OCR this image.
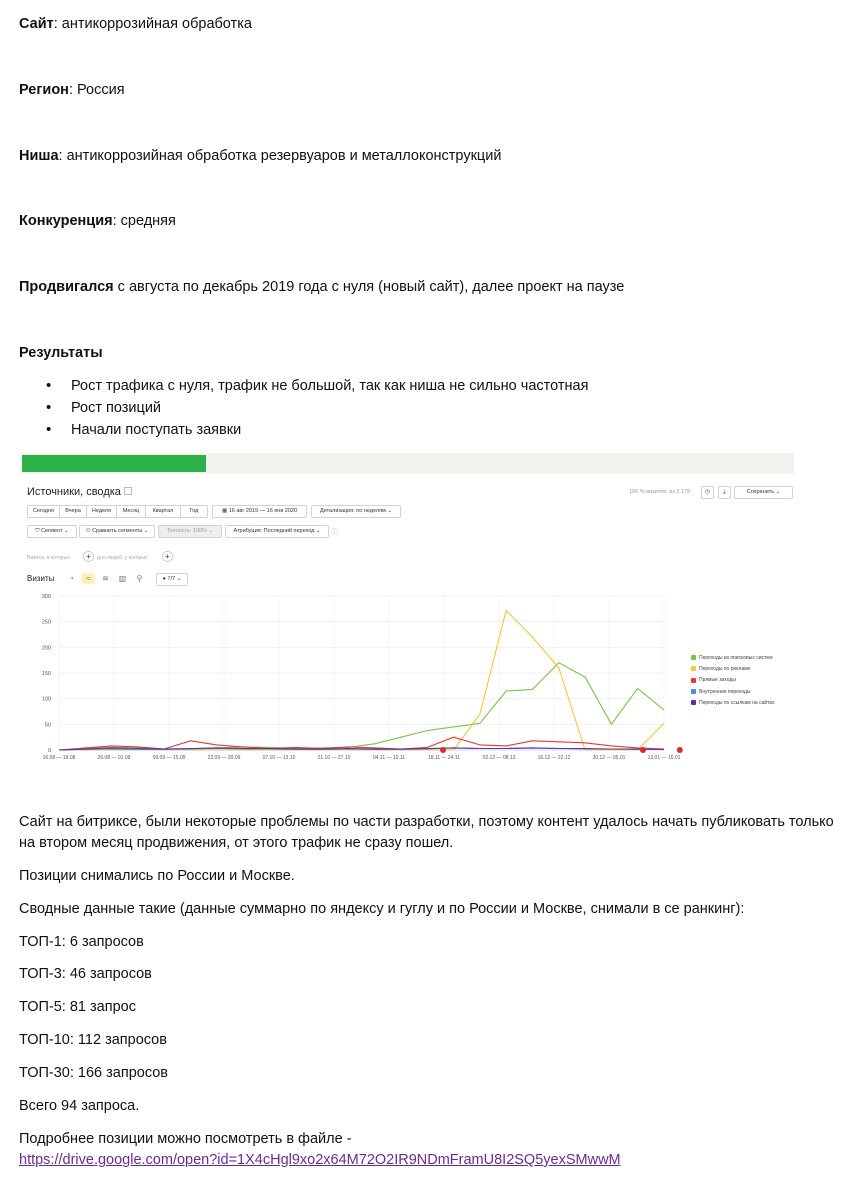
Сайт: антикоррозийная обработка
Регион: Россия
Ниша: антикоррозийная обработка резервуаров и металлоконструкций
Конкуренция: средняя
Продвигался с августа по декабрь 2019 года с нуля (новый сайт), далее проект на паузе
Результаты
• Рост трафика с нуля, трафик не большой, так как ниша не сильно частотная
• Рост позиций
• Начали поступать заявки
Источники, сводка	106 % визитов: из 2 179	◷	⤓	Сохранить ⌄
Сегодня	Вчера	Неделя	Месяц	Квартал	Год	▦ 16 авг 2019 — 16 янв 2020	Детализация: по неделям ⌄
⛉ Сегмент ⌄	⚇ Сравнить сегменты ⌄	Точность: 100% ⌄	Атрибуция: Последний переход ⌄	ⓘ
Визиты, в которых	+	для людей, у которых	+
Визиты	◔	≈	≋	▥	⚲	● 7/7 ⌄
300
250
200
150
100
50
0
16.08 — 18.08	26.08 — 01.09	09.09 — 15.09	23.09 — 29.09	07.10 — 13.10	21.10 — 27.10	04.11 — 10.11	18.11 — 24.11	02.12 — 08.12	16.12 — 22.12	30.12 — 05.01	13.01 — 16.01
Переходы из поисковых систем
Переходы по рекламе
Прямые заходы
Внутренние переходы
Переходы по ссылкам на сайтах
Сайт на битриксе, были некоторые проблемы по части разработки, поэтому контент удалось начать публиковать только
на втором месяц продвижения, от этого трафик не сразу пошел.
Позиции снимались по России и Москве.
Сводные данные такие (данные суммарно по яндексу и гуглу и по России и Москве, снимали в се ранкинг):
ТОП-1: 6 запросов
ТОП-3: 46 запросов
ТОП-5: 81 запрос
ТОП-10: 112 запросов
ТОП-30: 166 запросов
Всего 94 запроса.
Подробнее позиции можно посмотреть в файле -
https://drive.google.com/open?id=1X4cHgl9xo2x64M72O2IR9NDmFramU8I2SQ5yexSMwwM
